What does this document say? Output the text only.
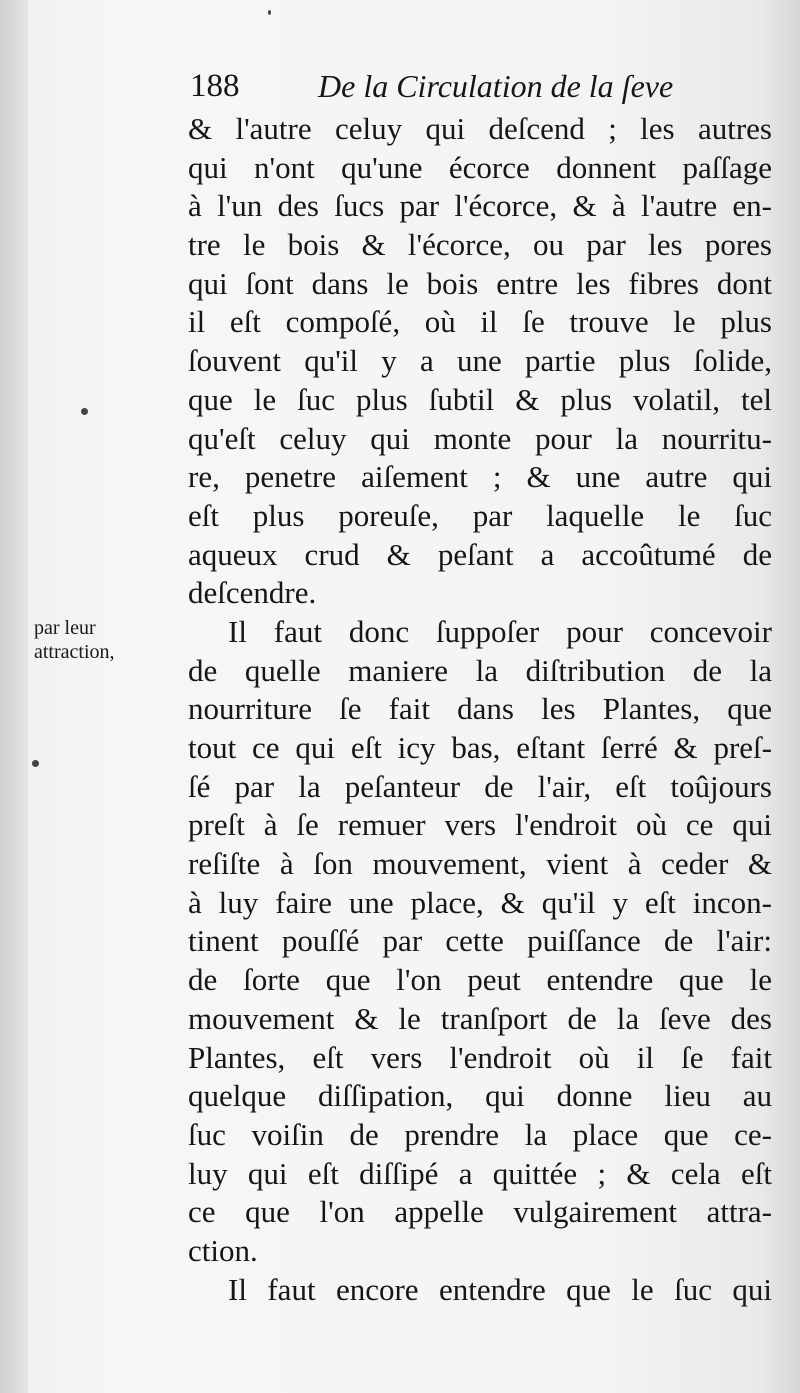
188 De la Circulation de la ſeve
par leur
attraction,
& l'autre celuy qui deſcend ; les autres
qui n'ont qu'une écorce donnent paſſage
à l'un des ſucs par l'écorce, & à l'autre en-
tre le bois & l'écorce, ou par les pores
qui ſont dans le bois entre les fibres dont
il eſt compoſé, où il ſe trouve le plus
ſouvent qu'il y a une partie plus ſolide,
que le ſuc plus ſubtil & plus volatil, tel
qu'eſt celuy qui monte pour la nourritu-
re, penetre aiſement ; & une autre qui
eſt plus poreuſe, par laquelle le ſuc
aqueux crud & peſant a accoûtumé de
deſcendre.
Il faut donc ſuppoſer pour concevoir
de quelle maniere la diſtribution de la
nourriture ſe fait dans les Plantes, que
tout ce qui eſt icy bas, eſtant ſerré & preſ-
ſé par la peſanteur de l'air, eſt toûjours
preſt à ſe remuer vers l'endroit où ce qui
reſiſte à ſon mouvement, vient à ceder &
à luy faire une place, & qu'il y eſt incon-
tinent pouſſé par cette puiſſance de l'air:
de ſorte que l'on peut entendre que le
mouvement & le tranſport de la ſeve des
Plantes, eſt vers l'endroit où il ſe fait
quelque diſſipation, qui donne lieu au
ſuc voiſin de prendre la place que ce-
luy qui eſt diſſipé a quittée ; & cela eſt
ce que l'on appelle vulgairement attra-
ction.
Il faut encore entendre que le ſuc qui
